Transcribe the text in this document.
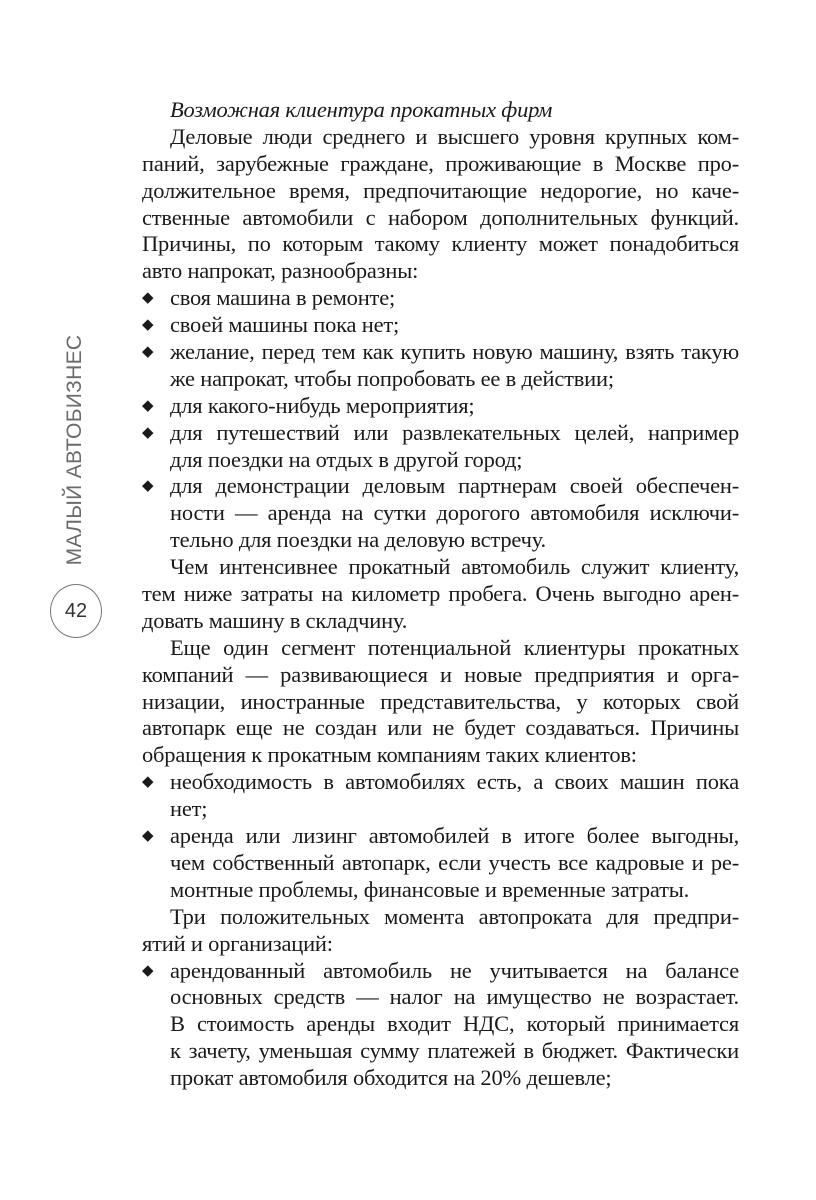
МАЛЫЙ АВТОБИЗНЕС
42
Возможная клиентура прокатных фирм
Деловые люди среднего и высшего уровня крупных ком-
паний, зарубежные граждане, проживающие в Москве про-
должительное время, предпочитающие недорогие, но каче-
ственные автомобили с набором дополнительных функций.
Причины, по которым такому клиенту может понадобиться
авто напрокат, разнообразны:
◆ своя машина в ремонте;
◆ своей машины пока нет;
◆ желание, перед тем как купить новую машину, взять такую
же напрокат, чтобы попробовать ее в действии;
◆ для какого-нибудь мероприятия;
◆ для путешествий или развлекательных целей, например
для поездки на отдых в другой город;
◆ для демонстрации деловым партнерам своей обеспечен-
ности — аренда на сутки дорогого автомобиля исключи-
тельно для поездки на деловую встречу.
Чем интенсивнее прокатный автомобиль служит клиенту,
тем ниже затраты на километр пробега. Очень выгодно арен-
довать машину в складчину.
Еще один сегмент потенциальной клиентуры прокатных
компаний — развивающиеся и новые предприятия и орга-
низации, иностранные представительства, у которых свой
автопарк еще не создан или не будет создаваться. Причины
обращения к прокатным компаниям таких клиентов:
◆ необходимость в автомобилях есть, а своих машин пока
нет;
◆ аренда или лизинг автомобилей в итоге более выгодны,
чем собственный автопарк, если учесть все кадровые и ре-
монтные проблемы, финансовые и временные затраты.
Три положительных момента автопроката для предпри-
ятий и организаций:
◆ арендованный автомобиль не учитывается на балансе
основных средств — налог на имущество не возрастает.
В стоимость аренды входит НДС, который принимается
к зачету, уменьшая сумму платежей в бюджет. Фактически
прокат автомобиля обходится на 20% дешевле;
